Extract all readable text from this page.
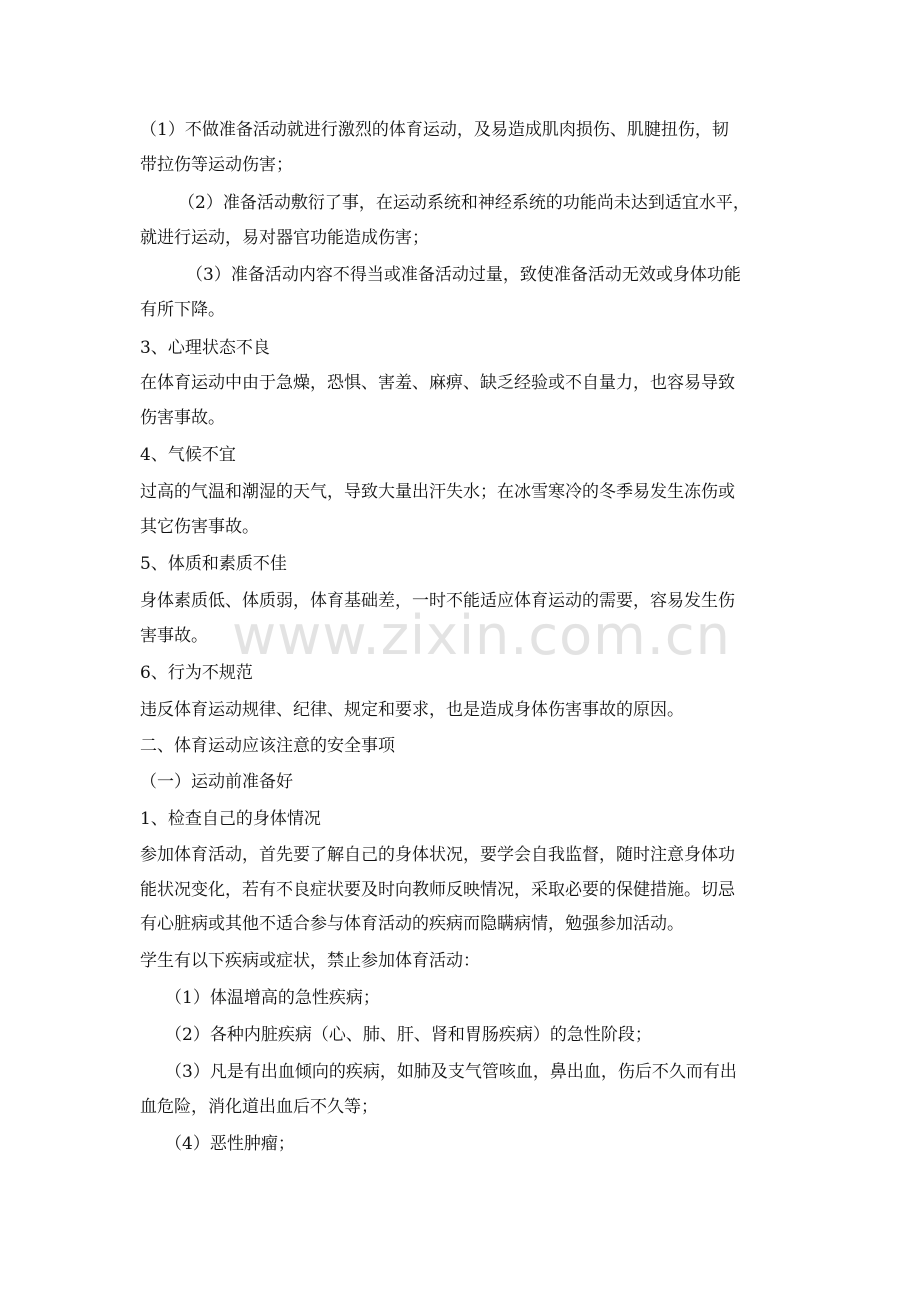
（1）不做准备活动就进行激烈的体育运动，及易造成肌肉损伤、肌腱扭伤，韧

带拉伤等运动伤害；

（2）准备活动敷衍了事，在运动系统和神经系统的功能尚未达到适宜水平，

就进行运动，易对器官功能造成伤害；

（3）准备活动内容不得当或准备活动过量，致使准备活动无效或身体功能

有所下降。

3、心理状态不良

在体育运动中由于急燥，恐惧、害羞、麻痹、缺乏经验或不自量力，也容易导致

伤害事故。

4、气候不宜

过高的气温和潮湿的天气，导致大量出汗失水；在冰雪寒冷的冬季易发生冻伤或

其它伤害事故。

5、体质和素质不佳

身体素质低、体质弱，体育基础差，一时不能适应体育运动的需要，容易发生伤

害事故。

6、行为不规范

违反体育运动规律、纪律、规定和要求，也是造成身体伤害事故的原因。

二、体育运动应该注意的安全事项

（一）运动前准备好

1、检查自己的身体情况

参加体育活动，首先要了解自己的身体状况，要学会自我监督，随时注意身体功

能状况变化，若有不良症状要及时向教师反映情况，采取必要的保健措施。切忌

有心脏病或其他不适合参与体育活动的疾病而隐瞒病情，勉强参加活动。

学生有以下疾病或症状，禁止参加体育活动：

（1）体温增高的急性疾病；

（2）各种内脏疾病（心、肺、肝、肾和胃肠疾病）的急性阶段；

（3）凡是有出血倾向的疾病，如肺及支气管咳血，鼻出血，伤后不久而有出

血危险，消化道出血后不久等；

（4）恶性肿瘤；

www.zixin.com.cn
